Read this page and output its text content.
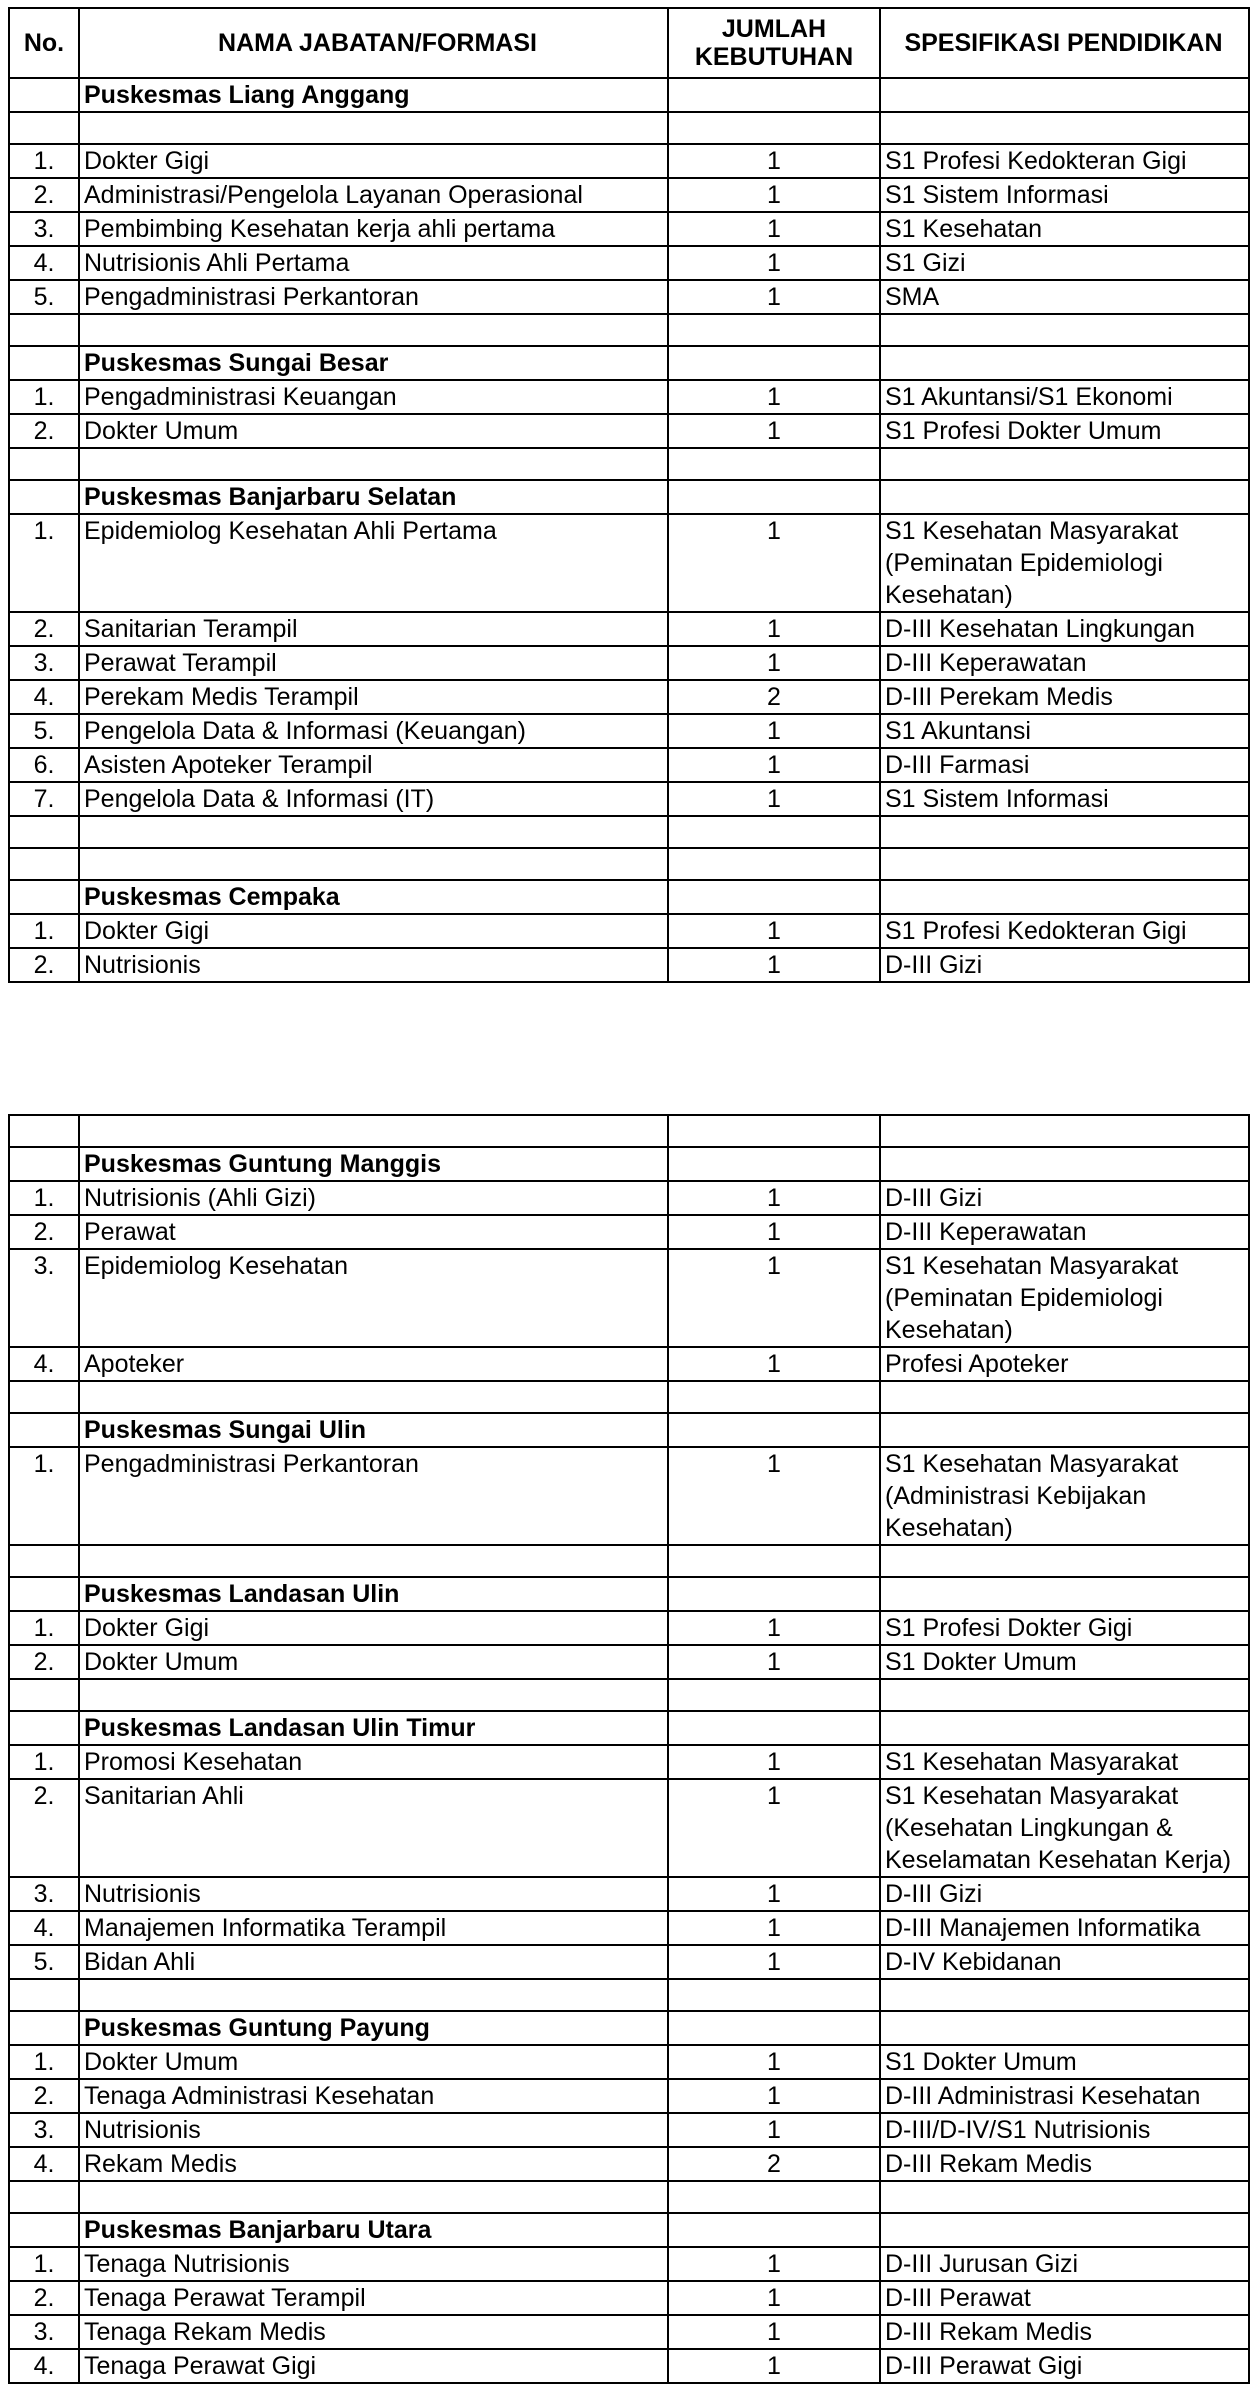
No.	NAMA JABATAN/FORMASI	JUMLAH KEBUTUHAN	SPESIFIKASI PENDIDIKAN
	Puskesmas Liang Anggang		

1.	Dokter Gigi	1	S1 Profesi Kedokteran Gigi
2.	Administrasi/Pengelola Layanan Operasional	1	S1 Sistem Informasi
3.	Pembimbing Kesehatan kerja ahli pertama	1	S1 Kesehatan
4.	Nutrisionis Ahli Pertama	1	S1 Gizi
5.	Pengadministrasi Perkantoran	1	SMA

	Puskesmas Sungai Besar		
1.	Pengadministrasi Keuangan	1	S1 Akuntansi/S1 Ekonomi
2.	Dokter Umum	1	S1 Profesi Dokter Umum

	Puskesmas Banjarbaru Selatan		
1.	Epidemiolog Kesehatan Ahli Pertama	1	S1 Kesehatan Masyarakat (Peminatan Epidemiologi Kesehatan)
2.	Sanitarian Terampil	1	D-III Kesehatan Lingkungan
3.	Perawat Terampil	1	D-III Keperawatan
4.	Perekam Medis Terampil	2	D-III Perekam Medis
5.	Pengelola Data & Informasi (Keuangan)	1	S1 Akuntansi
6.	Asisten Apoteker Terampil	1	D-III Farmasi
7.	Pengelola Data & Informasi (IT)	1	S1 Sistem Informasi

	Puskesmas Cempaka		
1.	Dokter Gigi	1	S1 Profesi Kedokteran Gigi
2.	Nutrisionis	1	D-III Gizi

	Puskesmas Guntung Manggis		
1.	Nutrisionis (Ahli Gizi)	1	D-III Gizi
2.	Perawat	1	D-III Keperawatan
3.	Epidemiolog Kesehatan	1	S1 Kesehatan Masyarakat (Peminatan Epidemiologi Kesehatan)
4.	Apoteker	1	Profesi Apoteker

	Puskesmas Sungai Ulin		
1.	Pengadministrasi Perkantoran	1	S1 Kesehatan Masyarakat (Administrasi Kebijakan Kesehatan)

	Puskesmas Landasan Ulin		
1.	Dokter Gigi	1	S1 Profesi Dokter Gigi
2.	Dokter Umum	1	S1 Dokter Umum

	Puskesmas Landasan Ulin Timur		
1.	Promosi Kesehatan	1	S1 Kesehatan Masyarakat
2.	Sanitarian Ahli	1	S1 Kesehatan Masyarakat (Kesehatan Lingkungan & Keselamatan Kesehatan Kerja)
3.	Nutrisionis	1	D-III Gizi
4.	Manajemen Informatika Terampil	1	D-III Manajemen Informatika
5.	Bidan Ahli	1	D-IV Kebidanan

	Puskesmas Guntung Payung		
1.	Dokter Umum	1	S1 Dokter Umum
2.	Tenaga Administrasi Kesehatan	1	D-III Administrasi Kesehatan
3.	Nutrisionis	1	D-III/D-IV/S1 Nutrisionis
4.	Rekam Medis	2	D-III Rekam Medis

	Puskesmas Banjarbaru Utara		
1.	Tenaga Nutrisionis	1	D-III Jurusan Gizi
2.	Tenaga Perawat Terampil	1	D-III Perawat
3.	Tenaga Rekam Medis	1	D-III Rekam Medis
4.	Tenaga Perawat Gigi	1	D-III Perawat Gigi
